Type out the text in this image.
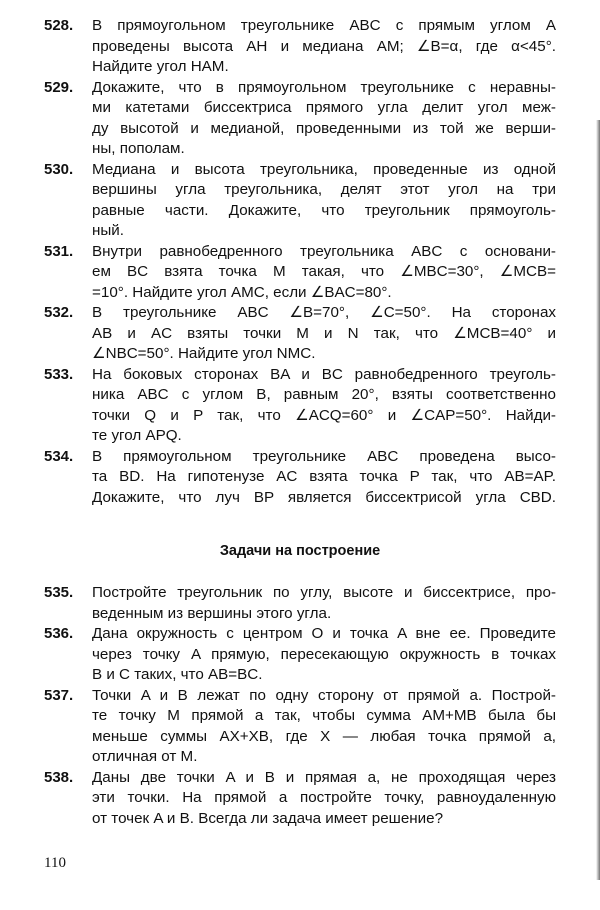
528.	В прямоугольном треугольнике ABC с прямым углом A
проведены высота AH и медиана AM; ∠B=α, где α<45°.
Найдите угол HAM.
529.	Докажите, что в прямоугольном треугольнике с неравны-
ми катетами биссектриса прямого угла делит угол меж-
ду высотой и медианой, проведенными из той же верши-
ны, пополам.
530.	Медиана и высота треугольника, проведенные из одной
вершины угла треугольника, делят этот угол на три
равные части. Докажите, что треугольник прямоуголь-
ный.
531.	Внутри равнобедренного треугольника ABC с основани-
ем BC взята точка M такая, что ∠MBC=30°, ∠MCB=
=10°. Найдите угол AMC, если ∠BAC=80°.
532.	В треугольнике ABC ∠B=70°, ∠C=50°. На сторонах
AB и AC взяты точки M и N так, что ∠MCB=40° и
∠NBC=50°. Найдите угол NMC.
533.	На боковых сторонах BA и BC равнобедренного треуголь-
ника ABC с углом B, равным 20°, взяты соответственно
точки Q и P так, что ∠ACQ=60° и ∠CAP=50°. Найди-
те угол APQ.
534.	В прямоугольном треугольнике ABC проведена высо-
та BD. На гипотенузе AC взята точка P так, что AB=AP.
Докажите, что луч BP является биссектрисой угла CBD.
Задачи на построение
535.	Постройте треугольник по углу, высоте и биссектрисе, про-
веденным из вершины этого угла.
536.	Дана окружность с центром O и точка A вне ее. Проведите
через точку A прямую, пересекающую окружность в точках
B и C таких, что AB=BC.
537.	Точки A и B лежат по одну сторону от прямой a. Построй-
те точку M прямой a так, чтобы сумма AM+MB была бы
меньше суммы AX+XB, где X — любая точка прямой a,
отличная от M.
538.	Даны две точки A и B и прямая a, не проходящая через
эти точки. На прямой a постройте точку, равноудаленную
от точек A и B. Всегда ли задача имеет решение?
110
